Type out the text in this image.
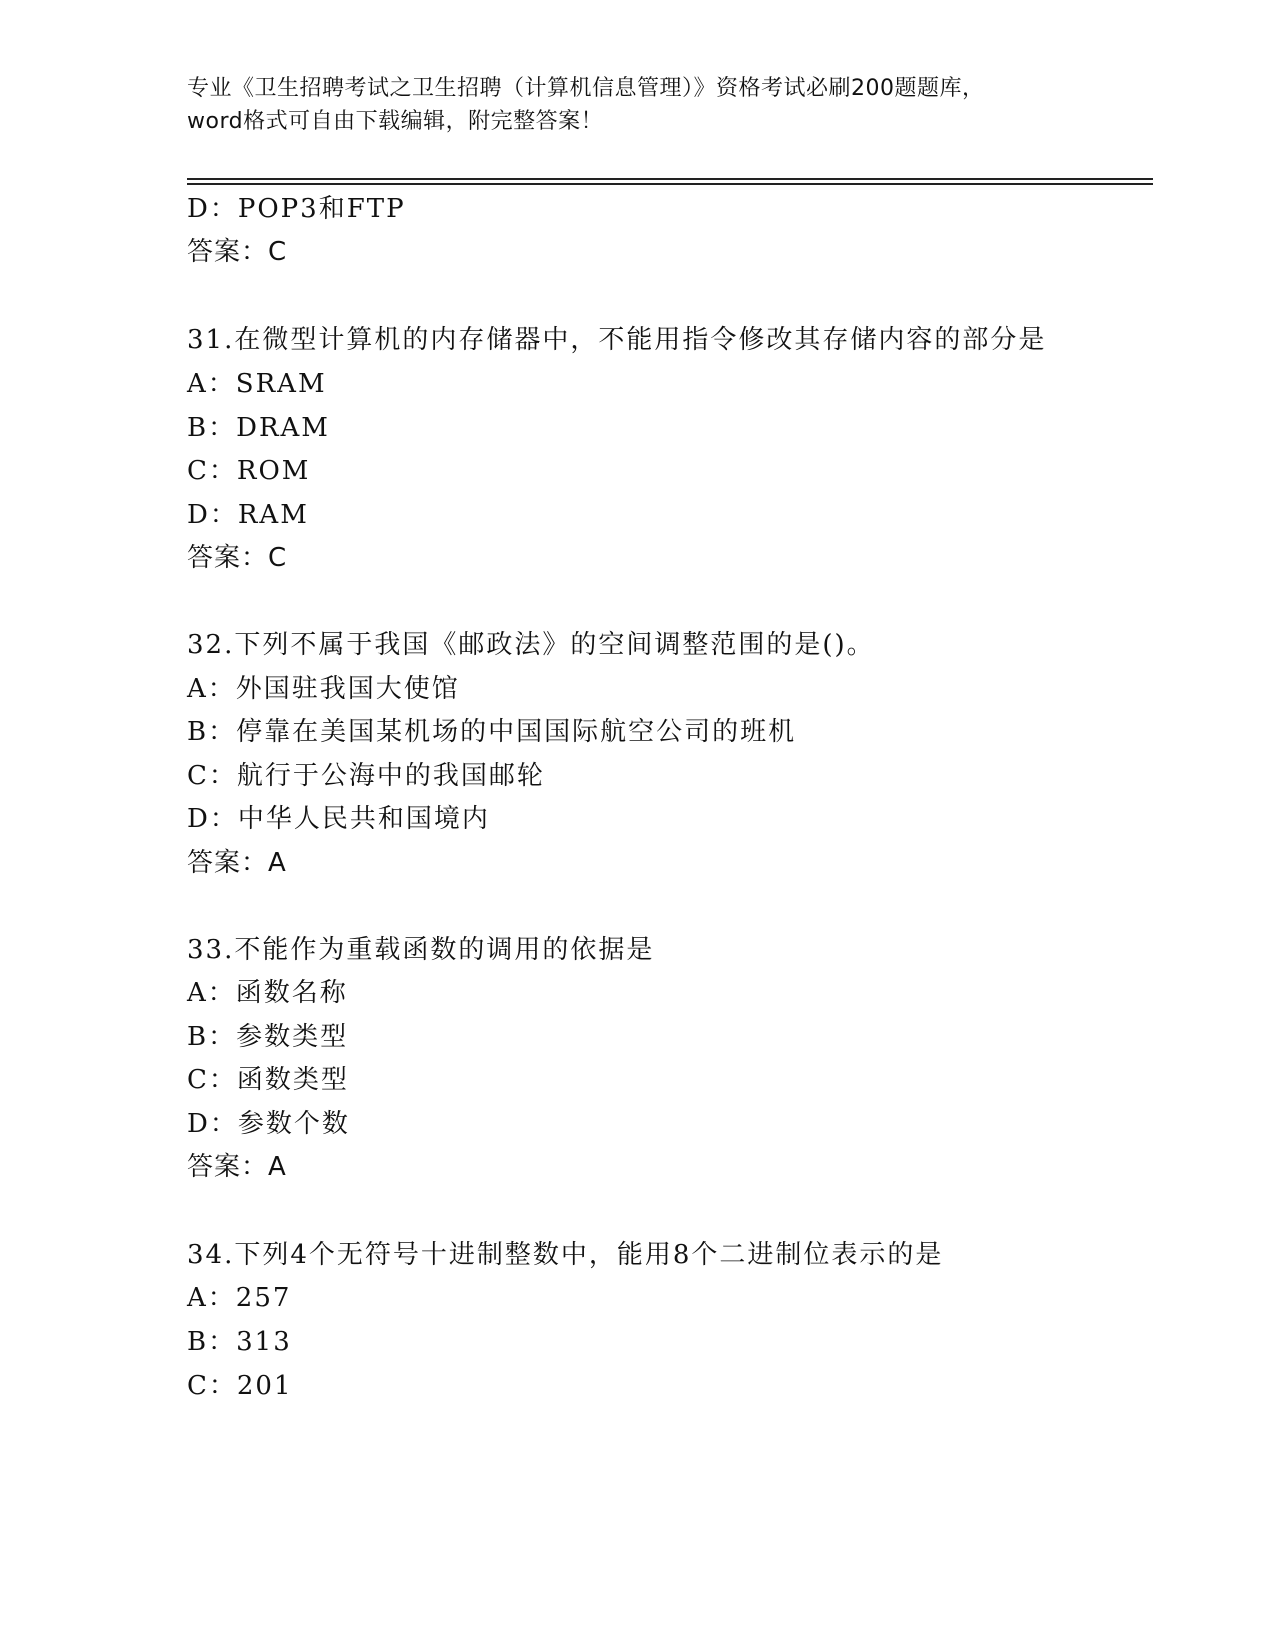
专业《卫生招聘考试之卫生招聘（计算机信息管理）》资格考试必刷200题题库，
word格式可自由下载编辑，附完整答案！
D：POP3和FTP
答案：C
31.在微型计算机的内存储器中，不能用指令修改其存储内容的部分是
A：SRAM
B：DRAM
C：ROM
D：RAM
答案：C
32.下列不属于我国《邮政法》的空间调整范围的是()。
A：外国驻我国大使馆
B：停靠在美国某机场的中国国际航空公司的班机
C：航行于公海中的我国邮轮
D：中华人民共和国境内
答案：A
33.不能作为重载函数的调用的依据是
A：函数名称
B：参数类型
C：函数类型
D：参数个数
答案：A
34.下列4个无符号十进制整数中，能用8个二进制位表示的是
A：257
B：313
C：201
